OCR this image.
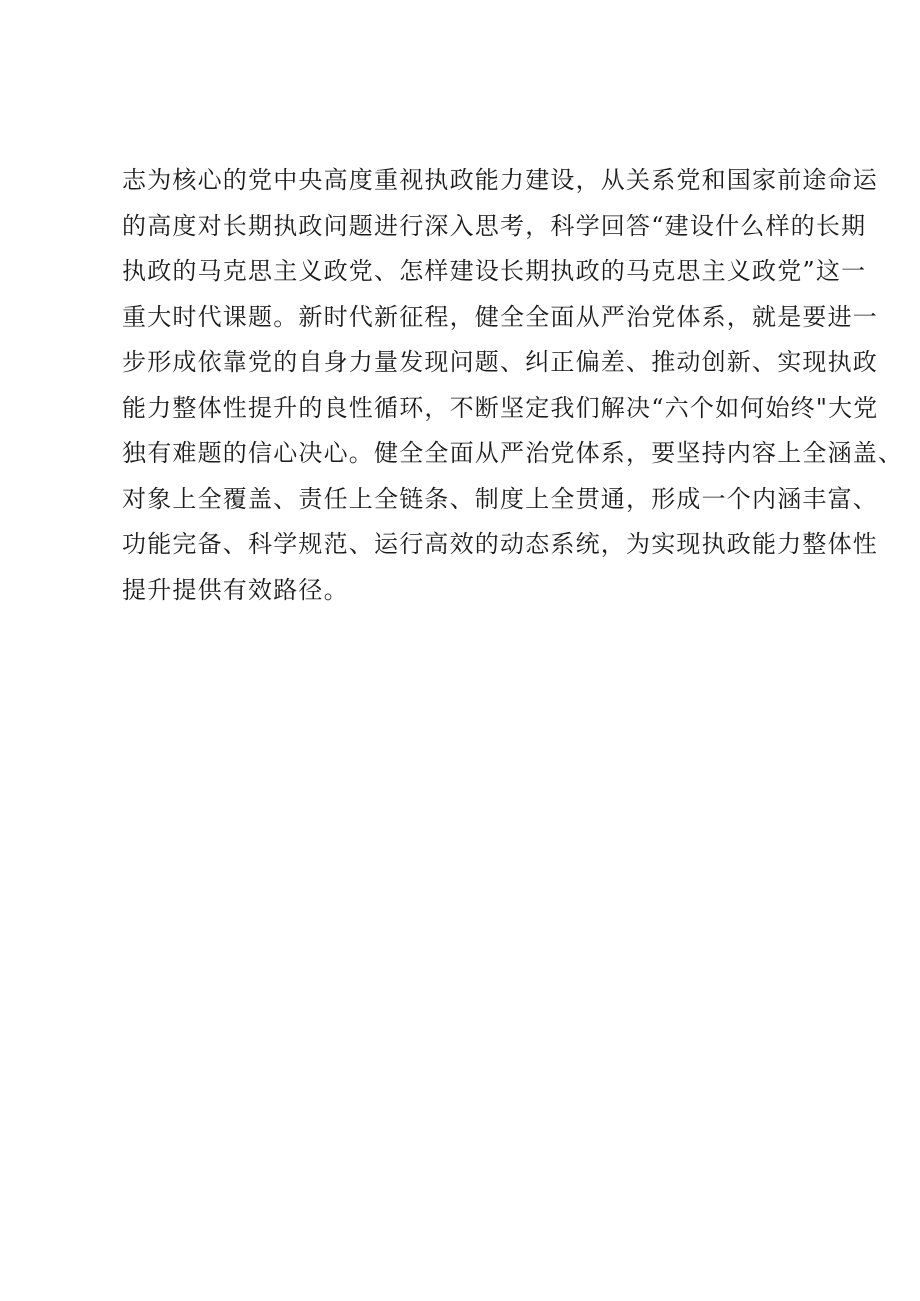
志为核心的党中央高度重视执政能力建设，从关系党和国家前途命运
的高度对长期执政问题进行深入思考，科学回答“建设什么样的长期
执政的马克思主义政党、怎样建设长期执政的马克思主义政党”这一
重大时代课题。新时代新征程，健全全面从严治党体系，就是要进一
步形成依靠党的自身力量发现问题、纠正偏差、推动创新、实现执政
能力整体性提升的良性循环，不断坚定我们解决“六个如何始终"大党
独有难题的信心决心。健全全面从严治党体系，要坚持内容上全涵盖、
对象上全覆盖、责任上全链条、制度上全贯通，形成一个内涵丰富、
功能完备、科学规范、运行高效的动态系统，为实现执政能力整体性
提升提供有效路径。
